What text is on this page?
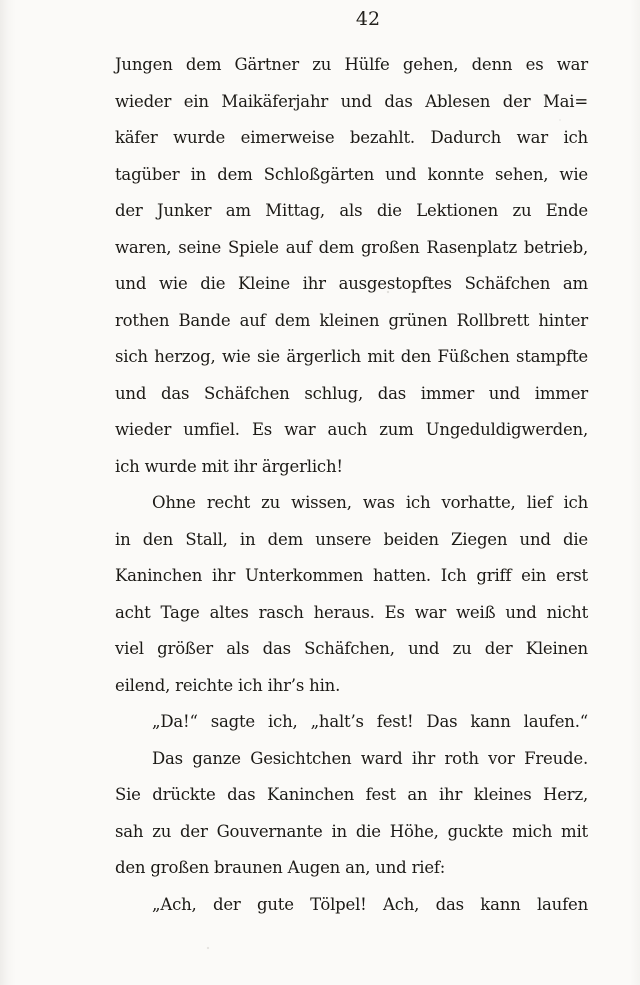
42
Jungen dem Gärtner zu Hülfe gehen, denn es war
wieder ein Maikäferjahr und das Ablesen der Mai=
käfer wurde eimerweise bezahlt. Dadurch war ich
tagüber in dem Schloßgärten und konnte sehen, wie
der Junker am Mittag, als die Lektionen zu Ende
waren, seine Spiele auf dem großen Rasenplatz betrieb,
und wie die Kleine ihr ausgestopftes Schäfchen am
rothen Bande auf dem kleinen grünen Rollbrett hinter
sich herzog, wie sie ärgerlich mit den Füßchen stampfte
und das Schäfchen schlug, das immer und immer
wieder umfiel. Es war auch zum Ungeduldigwerden,
ich wurde mit ihr ärgerlich!
Ohne recht zu wissen, was ich vorhatte, lief ich
in den Stall, in dem unsere beiden Ziegen und die
Kaninchen ihr Unterkommen hatten. Ich griff ein erst
acht Tage altes rasch heraus. Es war weiß und nicht
viel größer als das Schäfchen, und zu der Kleinen
eilend, reichte ich ihr’s hin.
„Da!“ sagte ich, „halt’s fest! Das kann laufen.“
Das ganze Gesichtchen ward ihr roth vor Freude.
Sie drückte das Kaninchen fest an ihr kleines Herz,
sah zu der Gouvernante in die Höhe, guckte mich mit
den großen braunen Augen an, und rief:
„Ach, der gute Tölpel! Ach, das kann laufen
